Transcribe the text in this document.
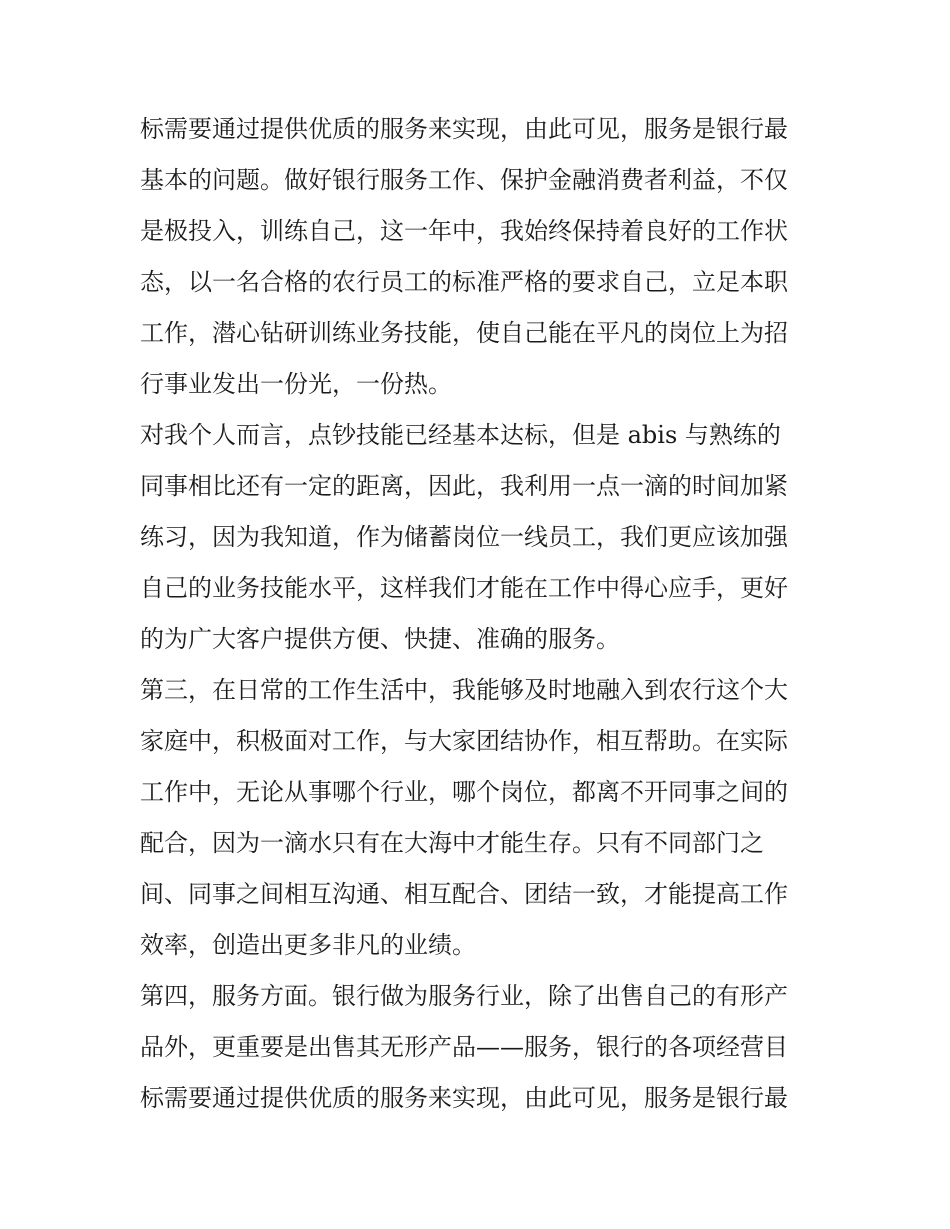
标需要通过提供优质的服务来实现，由此可见，服务是银行最
基本的问题。做好银行服务工作、保护金融消费者利益，不仅
是极投入，训练自己，这一年中，我始终保持着良好的工作状
态，以一名合格的农行员工的标准严格的要求自己，立足本职
工作，潜心钻研训练业务技能，使自己能在平凡的岗位上为招
行事业发出一份光，一份热。
对我个人而言，点钞技能已经基本达标，但是 abis 与熟练的
同事相比还有一定的距离，因此，我利用一点一滴的时间加紧
练习，因为我知道，作为储蓄岗位一线员工，我们更应该加强
自己的业务技能水平，这样我们才能在工作中得心应手，更好
的为广大客户提供方便、快捷、准确的服务。
第三，在日常的工作生活中，我能够及时地融入到农行这个大
家庭中，积极面对工作，与大家团结协作，相互帮助。在实际
工作中，无论从事哪个行业，哪个岗位，都离不开同事之间的
配合，因为一滴水只有在大海中才能生存。只有不同部门之
间、同事之间相互沟通、相互配合、团结一致，才能提高工作
效率，创造出更多非凡的业绩。
第四，服务方面。银行做为服务行业，除了出售自己的有形产
品外，更重要是出售其无形产品——服务，银行的各项经营目
标需要通过提供优质的服务来实现，由此可见，服务是银行最
